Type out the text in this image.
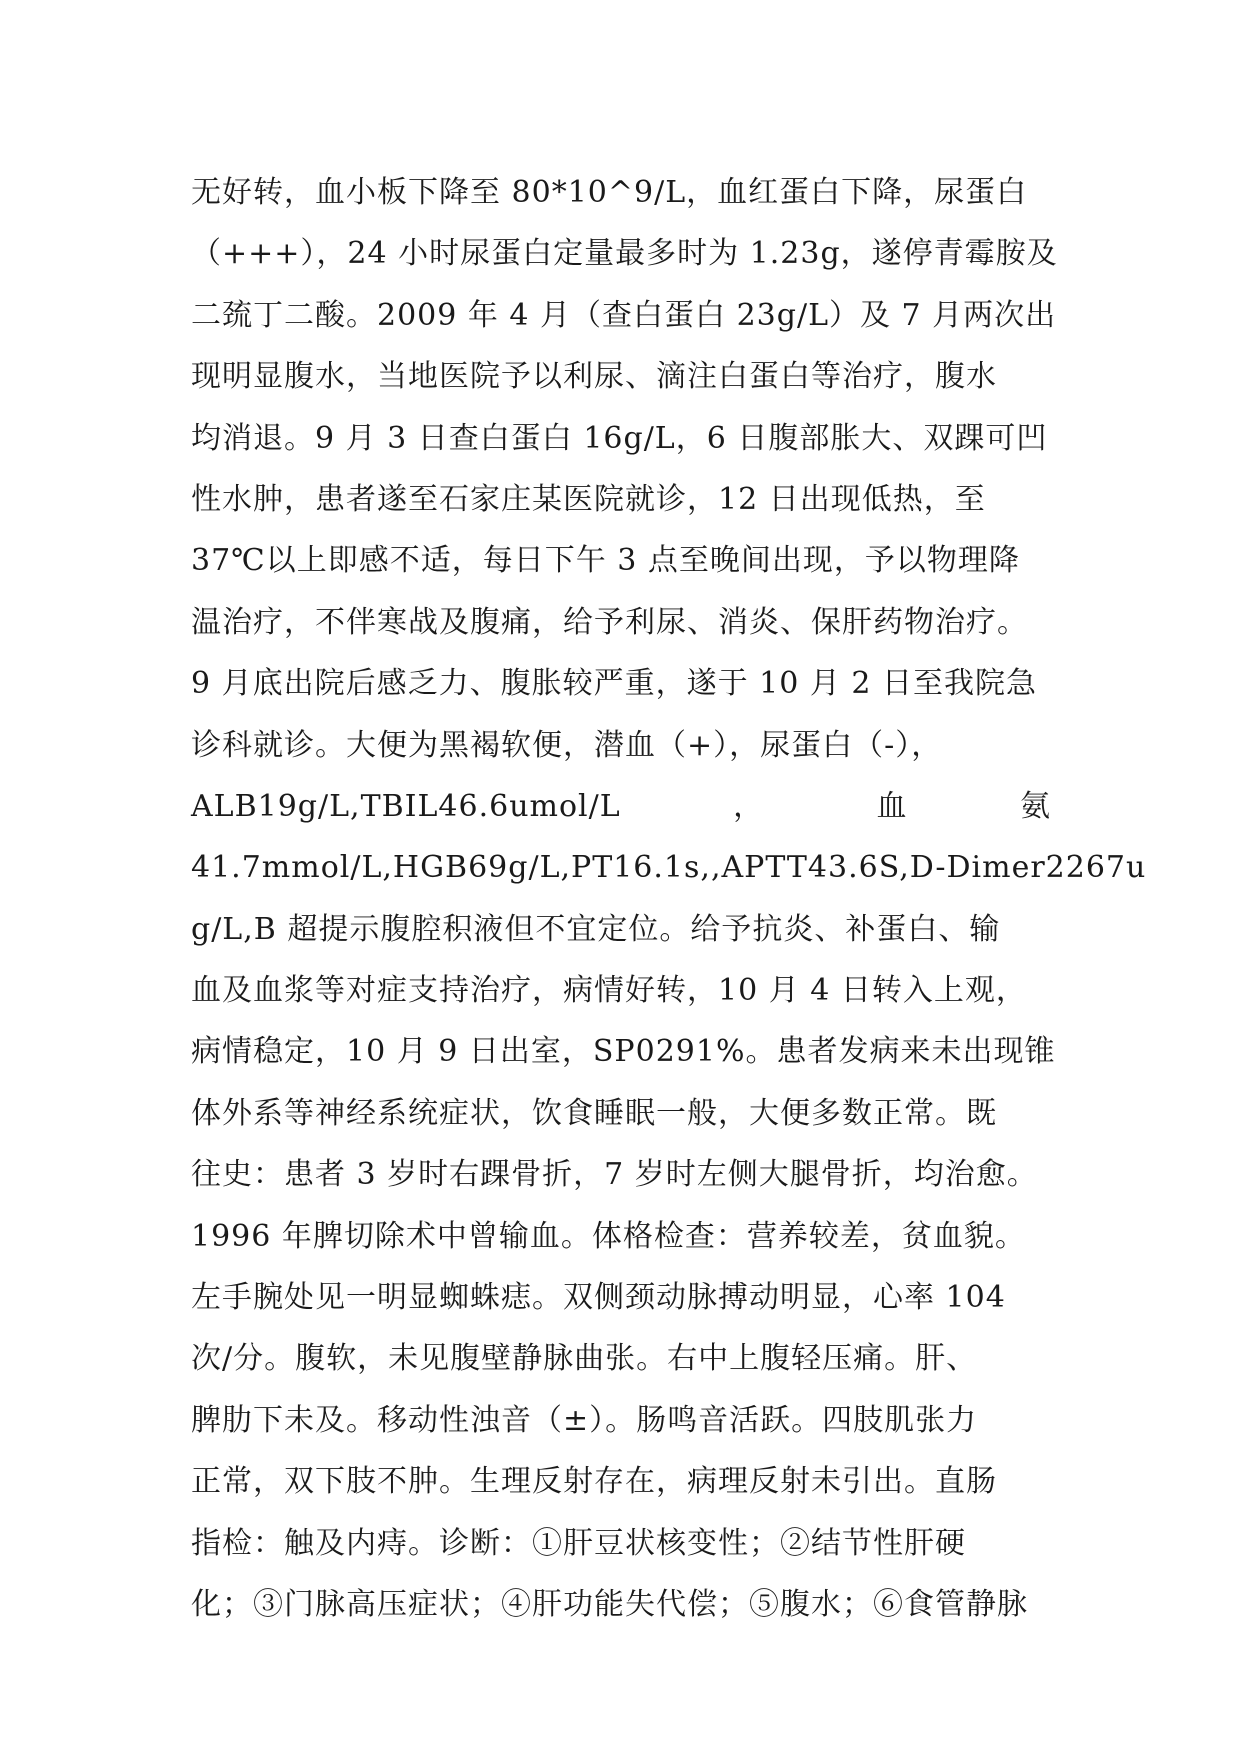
无好转，血小板下降至 80*10^9/L，血红蛋白下降，尿蛋白
（+++），24 小时尿蛋白定量最多时为 1.23g，遂停青霉胺及
二巯丁二酸。2009 年 4 月（查白蛋白 23g/L）及 7 月两次出
现明显腹水，当地医院予以利尿、滴注白蛋白等治疗，腹水
均消退。9 月 3 日查白蛋白 16g/L，6 日腹部胀大、双踝可凹
性水肿，患者遂至石家庄某医院就诊，12 日出现低热，至
37℃以上即感不适，每日下午 3 点至晚间出现，予以物理降
温治疗，不伴寒战及腹痛，给予利尿、消炎、保肝药物治疗。
9 月底出院后感乏力、腹胀较严重，遂于 10 月 2 日至我院急
诊科就诊。大便为黑褐软便，潜血（+），尿蛋白（-），
ALB19g/L,TBIL46.6umol/L	，	血	氨
41.7mmol/L,HGB69g/L,PT16.1s,,APTT43.6S,D-Dimer2267u
g/L,B 超提示腹腔积液但不宜定位。给予抗炎、补蛋白、输
血及血浆等对症支持治疗，病情好转，10 月 4 日转入上观，
病情稳定，10 月 9 日出室，SP0291%。患者发病来未出现锥
体外系等神经系统症状，饮食睡眠一般，大便多数正常。既
往史：患者 3 岁时右踝骨折，7 岁时左侧大腿骨折，均治愈。
1996 年脾切除术中曾输血。体格检查：营养较差，贫血貌。
左手腕处见一明显蜘蛛痣。双侧颈动脉搏动明显，心率 104
次/分。腹软，未见腹壁静脉曲张。右中上腹轻压痛。肝、
脾肋下未及。移动性浊音（±）。肠鸣音活跃。四肢肌张力
正常，双下肢不肿。生理反射存在，病理反射未引出。直肠
指检：触及内痔。诊断：①肝豆状核变性；②结节性肝硬
化；③门脉高压症状；④肝功能失代偿；⑤腹水；⑥食管静脉
